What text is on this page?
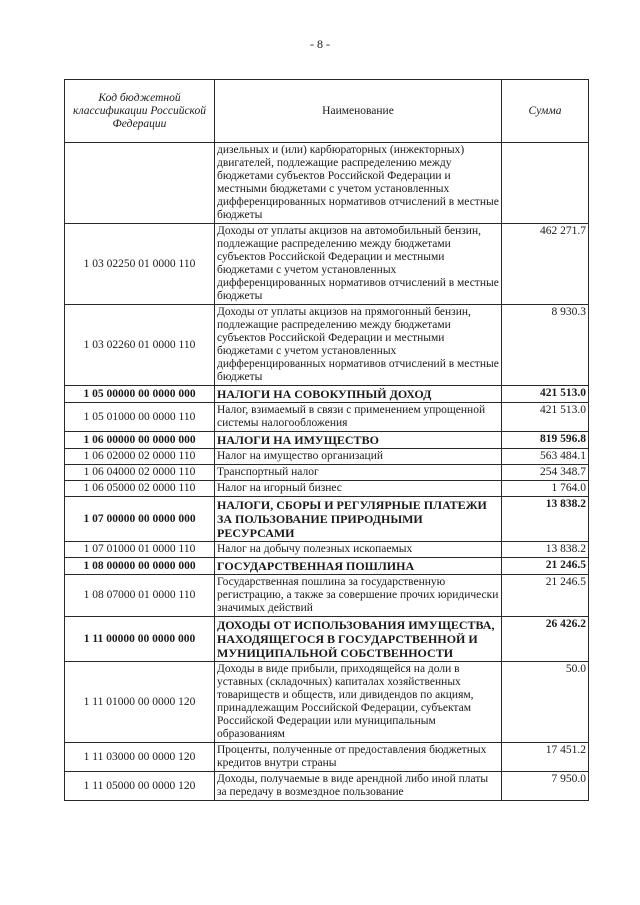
- 8 -
Код бюджетной классификации Российской Федерации	Наименование	Сумма
	дизельных и (или) карбюраторных (инжекторных) двигателей, подлежащие распределению между бюджетами субъектов Российской Федерации и местными бюджетами с учетом установленных дифференцированных нормативов отчислений в местные бюджеты	
1 03 02250 01 0000 110	Доходы от уплаты акцизов на автомобильный бензин, подлежащие распределению между бюджетами субъектов Российской Федерации и местными бюджетами с учетом установленных дифференцированных нормативов отчислений в местные бюджеты	462 271.7
1 03 02260 01 0000 110	Доходы от уплаты акцизов на прямогонный бензин, подлежащие распределению между бюджетами субъектов Российской Федерации и местными бюджетами с учетом установленных дифференцированных нормативов отчислений в местные бюджеты	8 930.3
1 05 00000 00 0000 000	НАЛОГИ НА СОВОКУПНЫЙ ДОХОД	421 513.0
1 05 01000 00 0000 110	Налог, взимаемый в связи с применением упрощенной системы налогообложения	421 513.0
1 06 00000 00 0000 000	НАЛОГИ НА ИМУЩЕСТВО	819 596.8
1 06 02000 02 0000 110	Налог на имущество организаций	563 484.1
1 06 04000 02 0000 110	Транспортный налог	254 348.7
1 06 05000 02 0000 110	Налог на игорный бизнес	1 764.0
1 07 00000 00 0000 000	НАЛОГИ, СБОРЫ И РЕГУЛЯРНЫЕ ПЛАТЕЖИ ЗА ПОЛЬЗОВАНИЕ ПРИРОДНЫМИ РЕСУРСАМИ	13 838.2
1 07 01000 01 0000 110	Налог на добычу полезных ископаемых	13 838.2
1 08 00000 00 0000 000	ГОСУДАРСТВЕННАЯ ПОШЛИНА	21 246.5
1 08 07000 01 0000 110	Государственная пошлина за государственную регистрацию, а также за совершение прочих юридически значимых действий	21 246.5
1 11 00000 00 0000 000	ДОХОДЫ ОТ ИСПОЛЬЗОВАНИЯ ИМУЩЕСТВА, НАХОДЯЩЕГОСЯ В ГОСУДАРСТВЕННОЙ И МУНИЦИПАЛЬНОЙ СОБСТВЕННОСТИ	26 426.2
1 11 01000 00 0000 120	Доходы в виде прибыли, приходящейся на доли в уставных (складочных) капиталах хозяйственных товариществ и обществ, или дивидендов по акциям, принадлежащим Российской Федерации, субъектам Российской Федерации или муниципальным образованиям	50.0
1 11 03000 00 0000 120	Проценты, полученные от предоставления бюджетных кредитов внутри страны	17 451.2
1 11 05000 00 0000 120	Доходы, получаемые в виде арендной либо иной платы за передачу в возмездное пользование	7 950.0
